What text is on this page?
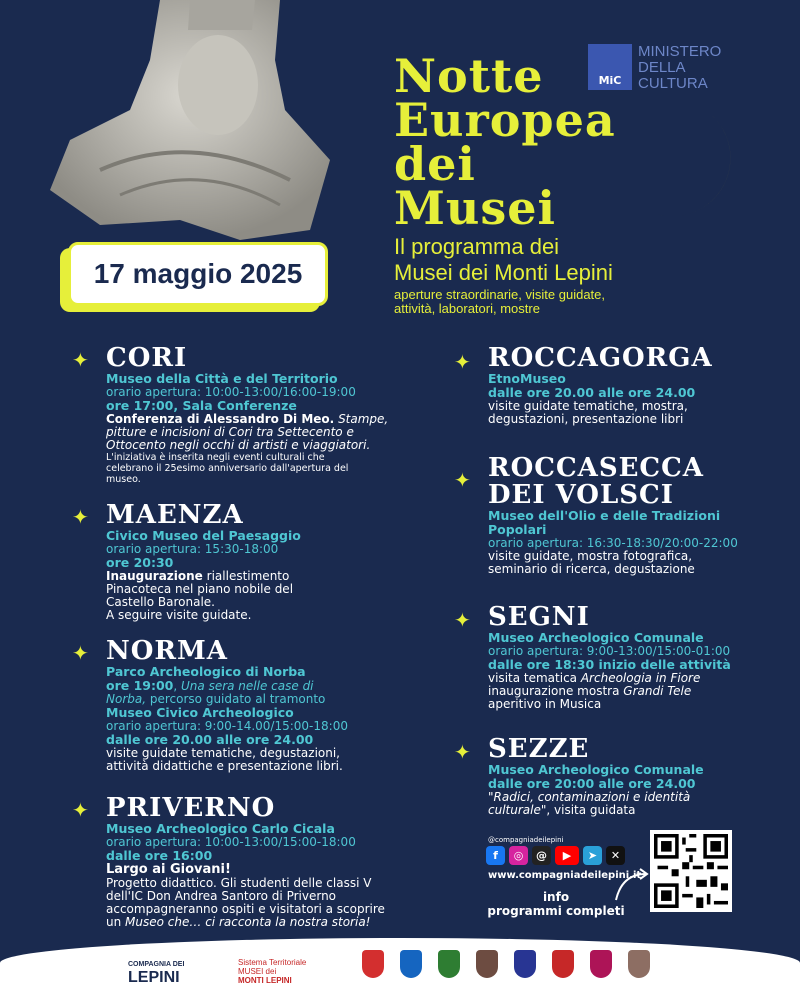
17 maggio 2025
Notte
Europea
dei
Musei
MiC
MINISTERO
DELLA
CULTURA
Il programma dei
Musei dei Monti Lepini
aperture straordinarie, visite guidate,
attività, laboratori, mostre
✦ CORI
Museo della Città e del Territorio
orario apertura: 10:00-13:00/16:00-19:00
ore 17:00, Sala Conferenze
Conferenza di Alessandro Di Meo. Stampe,
pitture e incisioni di Cori tra Settecento e
Ottocento negli occhi di artisti e viaggiatori.
L'iniziativa è inserita negli eventi culturali che
celebrano il 25esimo anniversario dall'apertura del
museo.
✦ MAENZA
Civico Museo del Paesaggio
orario apertura: 15:30-18:00
ore 20:30
Inaugurazione riallestimento
Pinacoteca nel piano nobile del
Castello Baronale.
A seguire visite guidate.
✦ NORMA
Parco Archeologico di Norba
ore 19:00, Una sera nelle case di
Norba, percorso guidato al tramonto
Museo Civico Archeologico
orario apertura: 9:00-14.00/15:00-18:00
dalle ore 20.00 alle ore 24.00
visite guidate tematiche, degustazioni,
attività didattiche e presentazione libri.
✦ PRIVERNO
Museo Archeologico Carlo Cicala
orario apertura: 10:00-13:00/15:00-18:00
dalle ore 16:00
Largo ai Giovani!
Progetto didattico. Gli studenti delle classi V
dell'IC Don Andrea Santoro di Priverno
accompagneranno ospiti e visitatori a scoprire
un Museo che… ci racconta la nostra storia!
✦ ROCCAGORGA
EtnoMuseo
dalle ore 20.00 alle ore 24.00
visite guidate tematiche, mostra,
degustazioni, presentazione libri
✦ ROCCASECCA
DEI VOLSCI
Museo dell'Olio e delle Tradizioni
Popolari
orario apertura: 16:30-18:30/20:00-22:00
visite guidate, mostra fotografica,
seminario di ricerca, degustazione
✦ SEGNI
Museo Archeologico Comunale
orario apertura: 9:00-13:00/15:00-01:00
dalle ore 18:30 inizio delle attività
visita tematica Archeologia in Fiore
inaugurazione mostra Grandi Tele
aperitivo in Musica
✦ SEZZE
Museo Archeologico Comunale
dalle ore 20:00 alle ore 24.00
"Radici, contaminazioni e identità
culturale", visita guidata
@compagniadeilepini
f	◎	@	▶	➤	✕
www.compagniadeilepini.it
info
programmi completi
COMPAGNIA DEI
LEPINI
Sistema Territoriale
MUSEI dei
MONTI LEPINI
